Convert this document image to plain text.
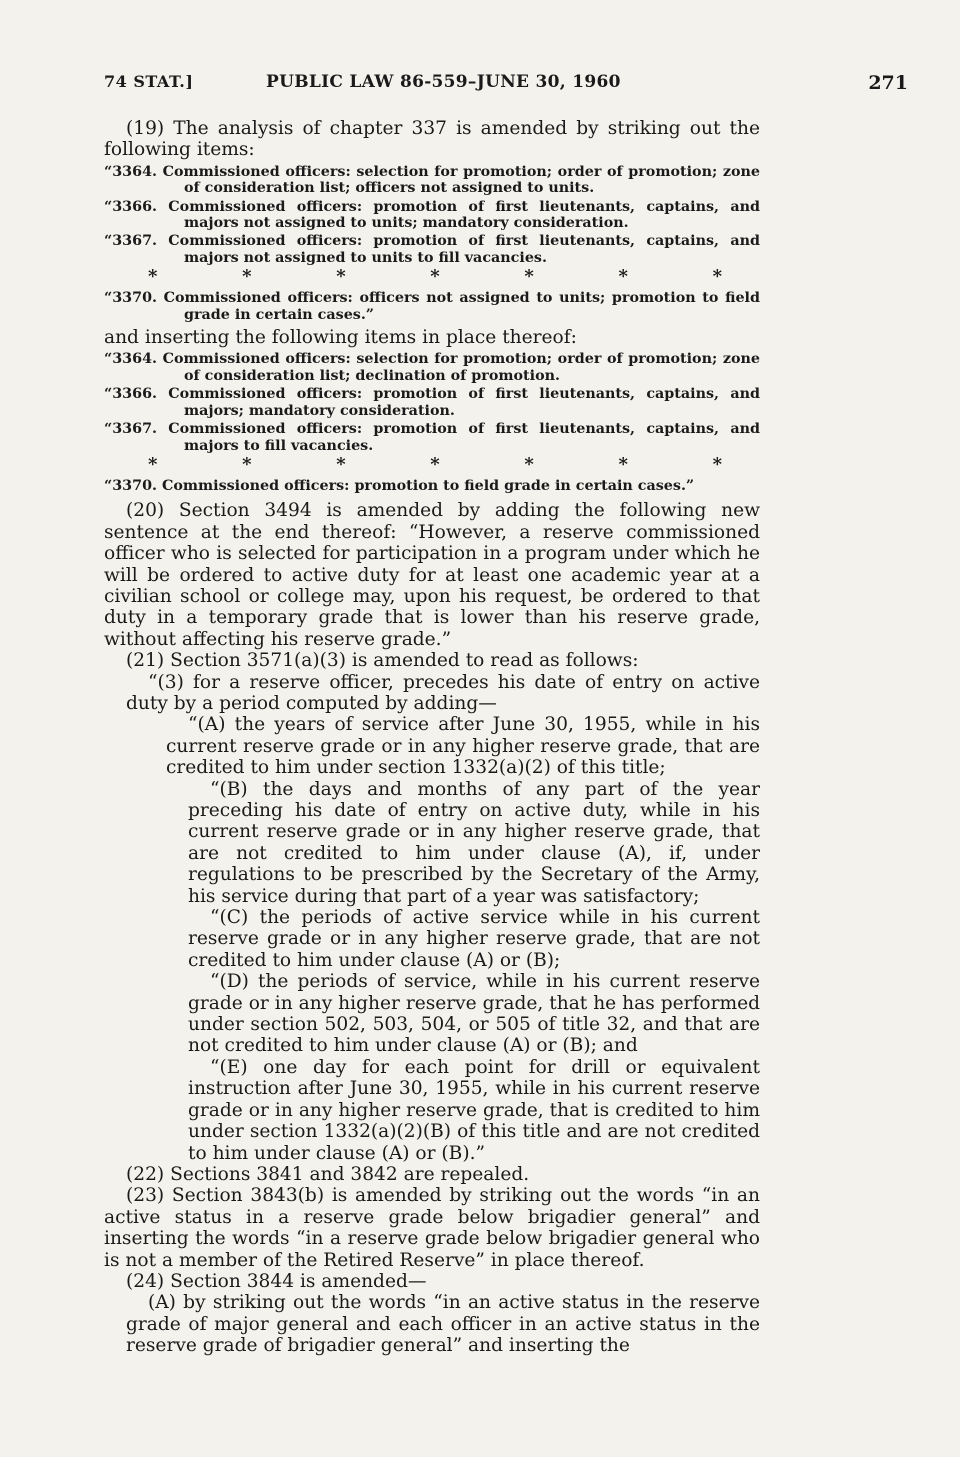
74 STAT.]	PUBLIC LAW 86-559–JUNE 30, 1960	271

(19) The analysis of chapter 337 is amended by striking out the following items:

“3364. Commissioned officers: selection for promotion; order of promotion; zone of consideration list; officers not assigned to units.

“3366. Commissioned officers: promotion of first lieutenants, captains, and majors not assigned to units; mandatory consideration.

“3367. Commissioned officers: promotion of first lieutenants, captains, and majors not assigned to units to fill vacancies.

*	*	*	*	*	*	*

“3370. Commissioned officers: officers not assigned to units; promotion to field grade in certain cases.”

and inserting the following items in place thereof:

“3364. Commissioned officers: selection for promotion; order of promotion; zone of consideration list; declination of promotion.

“3366. Commissioned officers: promotion of first lieutenants, captains, and majors; mandatory consideration.

“3367. Commissioned officers: promotion of first lieutenants, captains, and majors to fill vacancies.

*	*	*	*	*	*	*

“3370. Commissioned officers: promotion to field grade in certain cases.”

(20) Section 3494 is amended by adding the following new sentence at the end thereof: “However, a reserve commissioned officer who is selected for participation in a program under which he will be ordered to active duty for at least one academic year at a civilian school or college may, upon his request, be ordered to that duty in a temporary grade that is lower than his reserve grade, without affecting his reserve grade.”

(21) Section 3571(a)(3) is amended to read as follows:

“(3) for a reserve officer, precedes his date of entry on active duty by a period computed by adding—

“(A) the years of service after June 30, 1955, while in his current reserve grade or in any higher reserve grade, that are credited to him under section 1332(a)(2) of this title;

“(B) the days and months of any part of the year preceding his date of entry on active duty, while in his current reserve grade or in any higher reserve grade, that are not credited to him under clause (A), if, under regulations to be prescribed by the Secretary of the Army, his service during that part of a year was satisfactory;

“(C) the periods of active service while in his current reserve grade or in any higher reserve grade, that are not credited to him under clause (A) or (B);

“(D) the periods of service, while in his current reserve grade or in any higher reserve grade, that he has performed under section 502, 503, 504, or 505 of title 32, and that are not credited to him under clause (A) or (B); and

“(E) one day for each point for drill or equivalent instruction after June 30, 1955, while in his current reserve grade or in any higher reserve grade, that is credited to him under section 1332(a)(2)(B) of this title and are not credited to him under clause (A) or (B).”

(22) Sections 3841 and 3842 are repealed.

(23) Section 3843(b) is amended by striking out the words “in an active status in a reserve grade below brigadier general” and inserting the words “in a reserve grade below brigadier general who is not a member of the Retired Reserve” in place thereof.

(24) Section 3844 is amended—

(A) by striking out the words “in an active status in the reserve grade of major general and each officer in an active status in the reserve grade of brigadier general” and inserting the
